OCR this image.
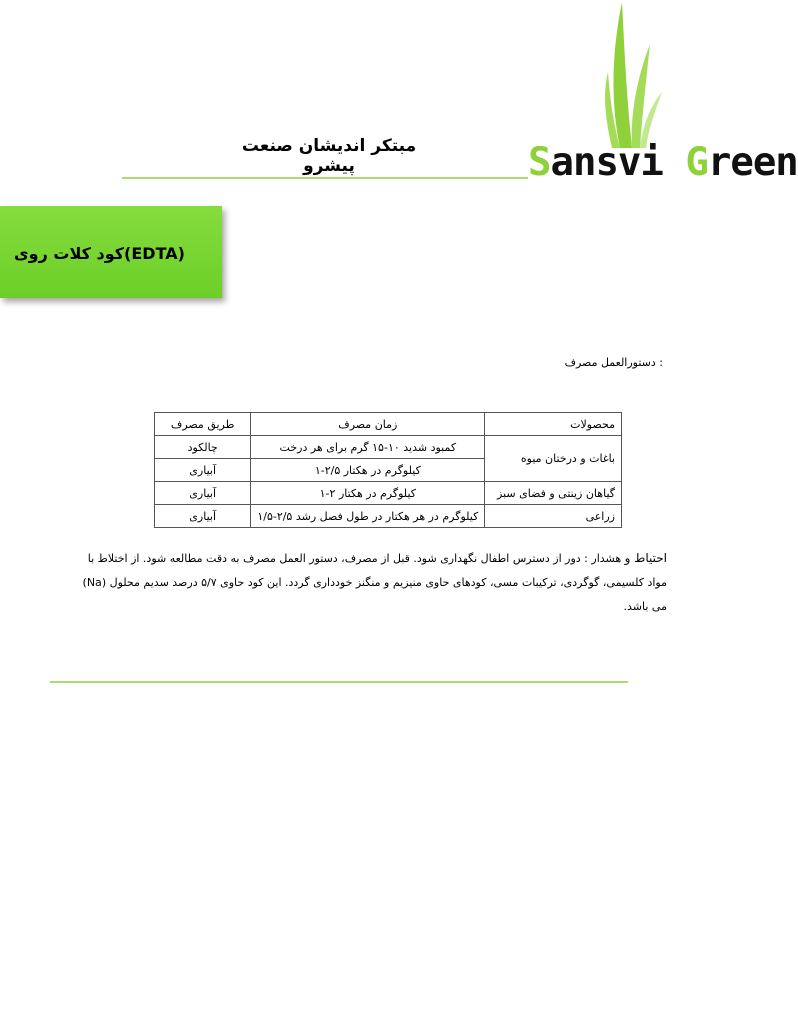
Sansvi Green
مبتکر اندیشان صنعت پیشرو
کود کلات روی(EDTA)
دستورالعمل مصرف :
طریق مصرف	زمان مصرف	محصولات
چالکود	کمبود شدید ۱۰-۱۵ گرم برای هر درخت	باغات و درختان میوه
آبیاری	۱-۲/۵ کیلوگرم در هکتار	
آبیاری	۱-۲ کیلوگرم در هکتار	گیاهان زینتی و فضای سبز
آبیاری	۱/۵-۲/۵ کیلوگرم در هر هکتار در طول فصل رشد	زراعی
احتیاط و هشدار : دور از دسترس اطفال نگهداری شود. قبل از مصرف، دستور العمل مصرف به دقت مطالعه شود. از اختلاط با مواد کلسیمی، گوگردی، ترکیبات مسی، کودهای حاوی منیزیم و منگنز خودداری گردد. این کود حاوی ۵/۷ درصد سدیم محلول (Na) می باشد.
